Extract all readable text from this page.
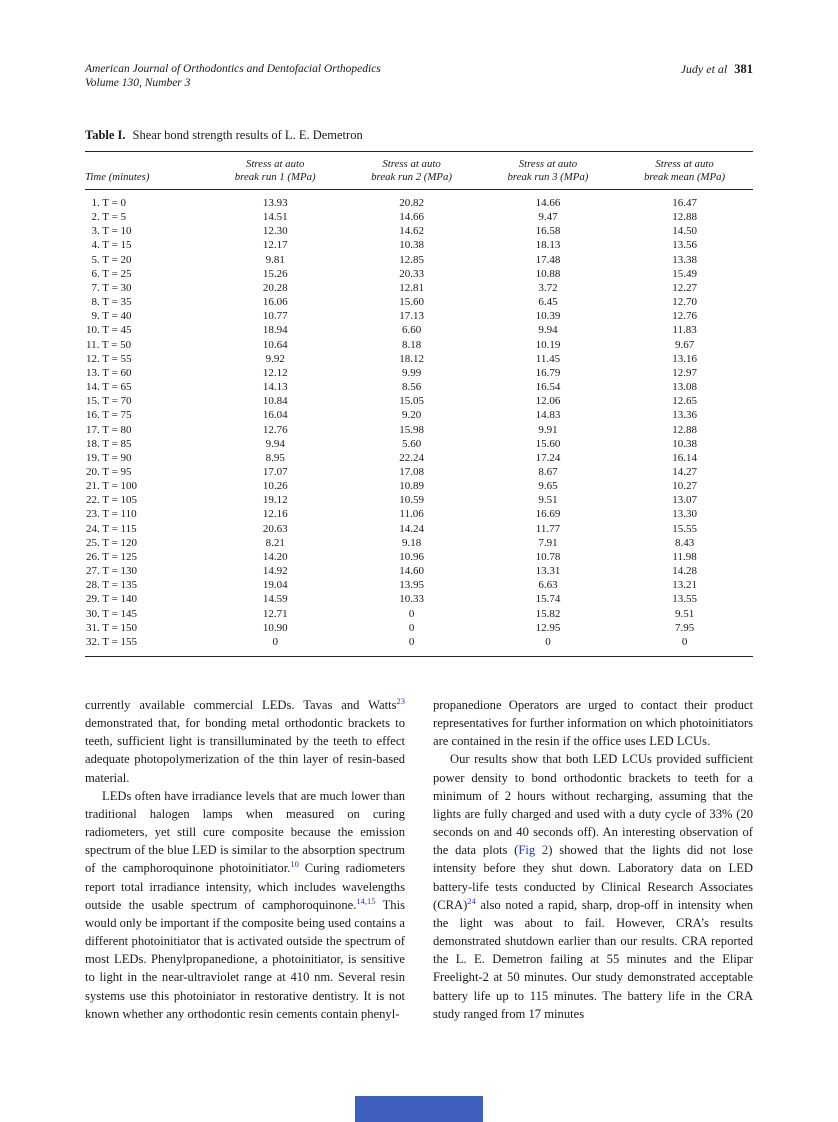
American Journal of Orthodontics and Dentofacial Orthopedics
Volume 130, Number 3
Judy et al 381
Table I. Shear bond strength results of L. E. Demetron
Time (minutes)

Stress at auto
break run 1 (MPa)

Stress at auto
break run 2 (MPa)

Stress at auto
break run 3 (MPa)

Stress at auto
break mean (MPa)

 1. T = 0	13.93	20.82	14.66	16.47
 2. T = 5	14.51	14.66	9.47	12.88
 3. T = 10	12.30	14.62	16.58	14.50
 4. T = 15	12.17	10.38	18.13	13.56
 5. T = 20	9.81	12.85	17.48	13.38
 6. T = 25	15.26	20.33	10.88	15.49
 7. T = 30	20.28	12.81	3.72	12.27
 8. T = 35	16.06	15.60	6.45	12.70
 9. T = 40	10.77	17.13	10.39	12.76
10. T = 45	18.94	6.60	9.94	11.83
11. T = 50	10.64	8.18	10.19	9.67
12. T = 55	9.92	18.12	11.45	13.16
13. T = 60	12.12	9.99	16.79	12.97
14. T = 65	14.13	8.56	16.54	13.08
15. T = 70	10.84	15.05	12.06	12.65
16. T = 75	16.04	9.20	14.83	13.36
17. T = 80	12.76	15.98	9.91	12.88
18. T = 85	9.94	5.60	15.60	10.38
19. T = 90	8.95	22.24	17.24	16.14
20. T = 95	17.07	17.08	8.67	14.27
21. T = 100	10.26	10.89	9.65	10.27
22. T = 105	19.12	10.59	9.51	13.07
23. T = 110	12.16	11.06	16.69	13.30
24. T = 115	20.63	14.24	11.77	15.55
25. T = 120	8.21	9.18	7.91	8.43
26. T = 125	14.20	10.96	10.78	11.98
27. T = 130	14.92	14.60	13.31	14.28
28. T = 135	19.04	13.95	6.63	13.21
29. T = 140	14.59	10.33	15.74	13.55
30. T = 145	12.71	0	15.82	9.51
31. T = 150	10.90	0	12.95	7.95
32. T = 155	0	0	0	0

currently available commercial LEDs. Tavas and Watts$^{23}$ demonstrated that, for bonding metal orthodontic brackets to teeth, sufficient light is transilluminated by the teeth to effect adequate photopolymerization of the thin layer of resin-based material.

LEDs often have irradiance levels that are much lower than traditional halogen lamps when measured on curing radiometers, yet still cure composite because the emission spectrum of the blue LED is similar to the absorption spectrum of the camphoroquinone photoinitiator.$^{10}$ Curing radiometers report total irradiance intensity, which includes wavelengths outside the usable spectrum of camphoroquinone.$^{14,15}$ This would only be important if the composite being used contains a different photoinitiator that is activated outside the spectrum of most LEDs. Phenylpropanedione, a photoinitiator, is sensitive to light in the near-ultraviolet range at 410 nm. Several resin systems use this photoiniator in restorative dentistry. It is not known whether any orthodontic resin cements contain phenyl-

propanedione Operators are urged to contact their product representatives for further information on which photoinitiators are contained in the resin if the office uses LED LCUs.

Our results show that both LED LCUs provided sufficient power density to bond orthodontic brackets to teeth for a minimum of 2 hours without recharging, assuming that the lights are fully charged and used with a duty cycle of 33% (20 seconds on and 40 seconds off). An interesting observation of the data plots (Fig 2) showed that the lights did not lose intensity before they shut down. Laboratory data on LED battery-life tests conducted by Clinical Research Associates (CRA)$^{24}$ also noted a rapid, sharp, drop-off in intensity when the light was about to fail. However, CRA’s results demonstrated shutdown earlier than our results. CRA reported the L. E. Demetron failing at 55 minutes and the Elipar Freelight-2 at 50 minutes. Our study demonstrated acceptable battery life up to 115 minutes. The battery life in the CRA study ranged from 17 minutes
